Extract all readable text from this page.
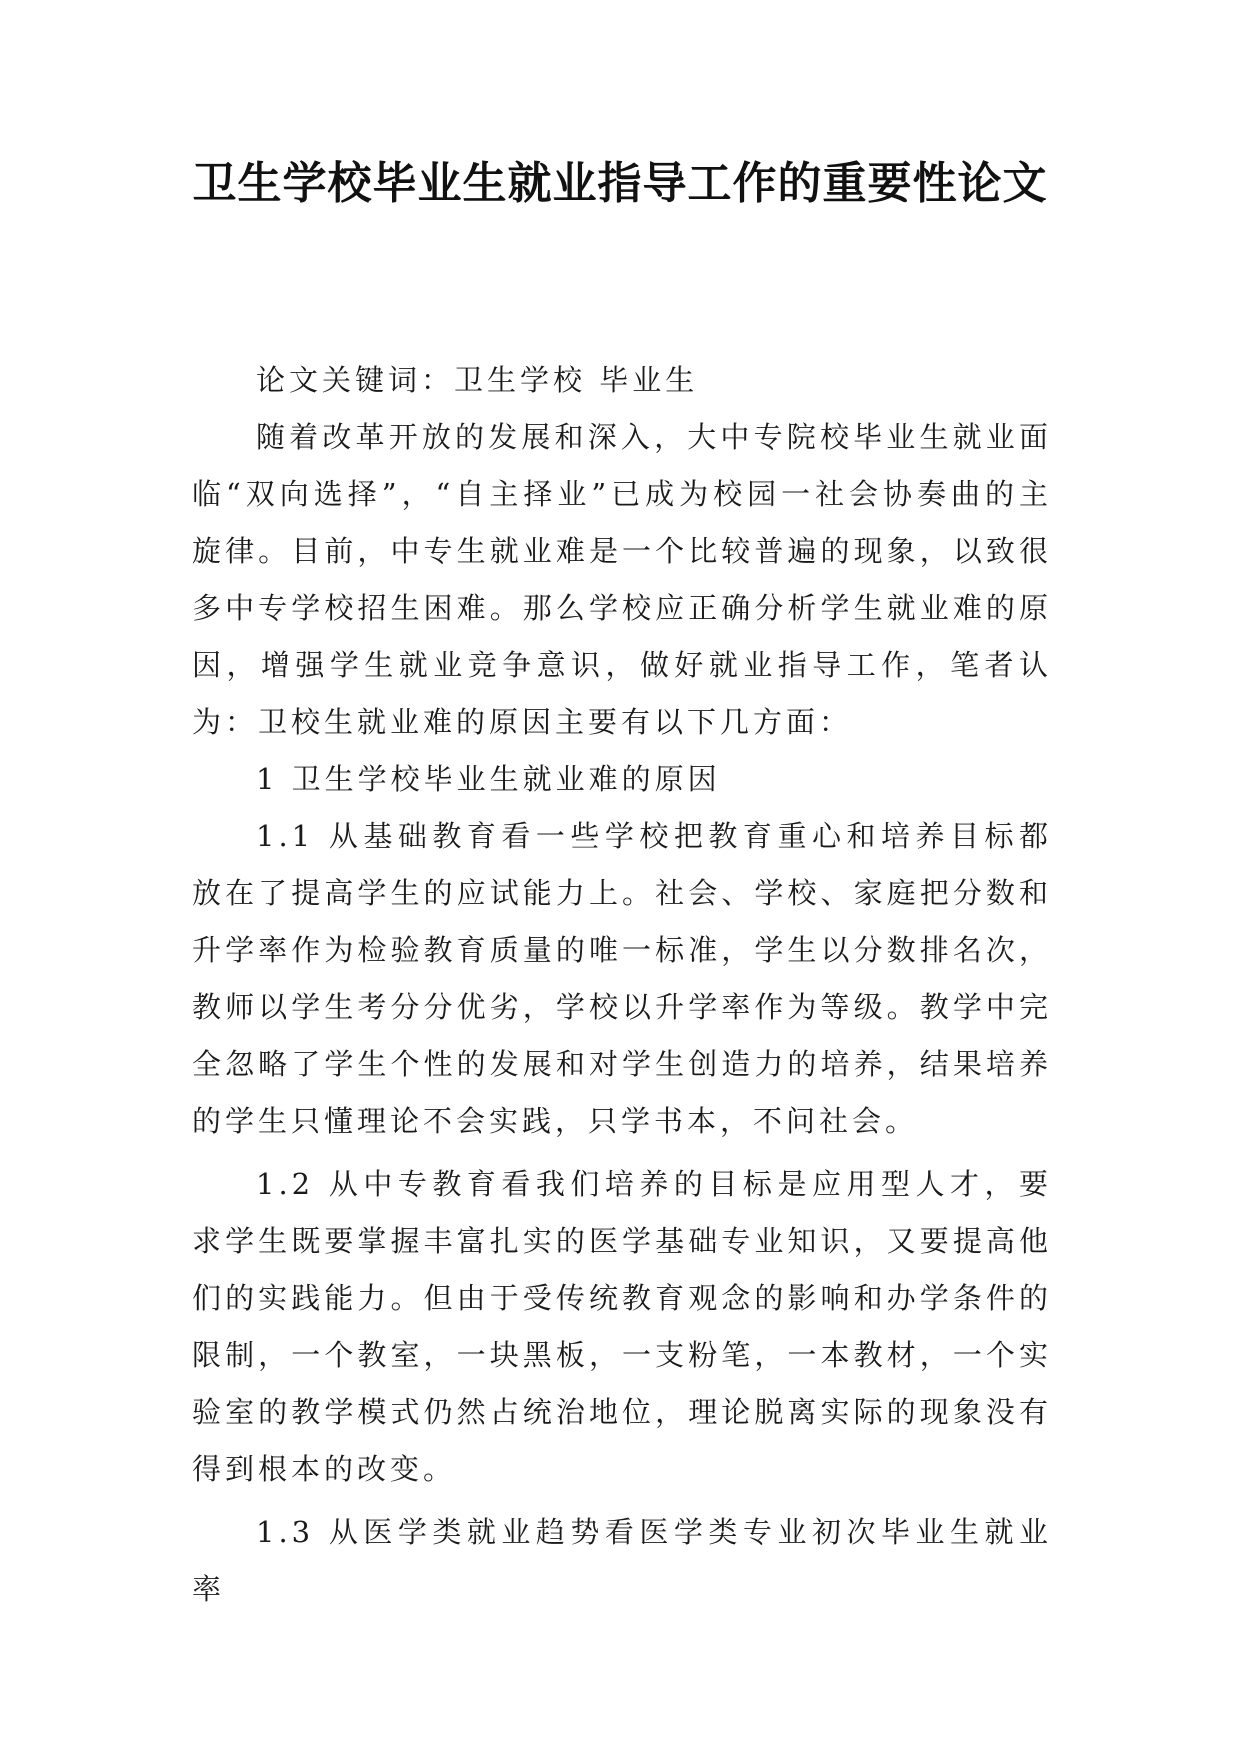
卫生学校毕业生就业指导工作的重要性论文

论文关键词：卫生学校 毕业生

随着改革开放的发展和深入，大中专院校毕业生就业面临“双向选择”，“自主择业”已成为校园一社会协奏曲的主旋律。目前，中专生就业难是一个比较普遍的现象，以致很多中专学校招生困难。那么学校应正确分析学生就业难的原因，增强学生就业竞争意识，做好就业指导工作，笔者认为：卫校生就业难的原因主要有以下几方面：

1 卫生学校毕业生就业难的原因

1.1 从基础教育看一些学校把教育重心和培养目标都放在了提高学生的应试能力上。社会、学校、家庭把分数和升学率作为检验教育质量的唯一标准，学生以分数排名次，教师以学生考分分优劣，学校以升学率作为等级。教学中完全忽略了学生个性的发展和对学生创造力的培养，结果培养的学生只懂理论不会实践，只学书本，不问社会。

1.2 从中专教育看我们培养的目标是应用型人才，要求学生既要掌握丰富扎实的医学基础专业知识，又要提高他们的实践能力。但由于受传统教育观念的影响和办学条件的限制，一个教室，一块黑板，一支粉笔，一本教材，一个实验室的教学模式仍然占统治地位，理论脱离实际的现象没有得到根本的改变。

1.3 从医学类就业趋势看医学类专业初次毕业生就业率
